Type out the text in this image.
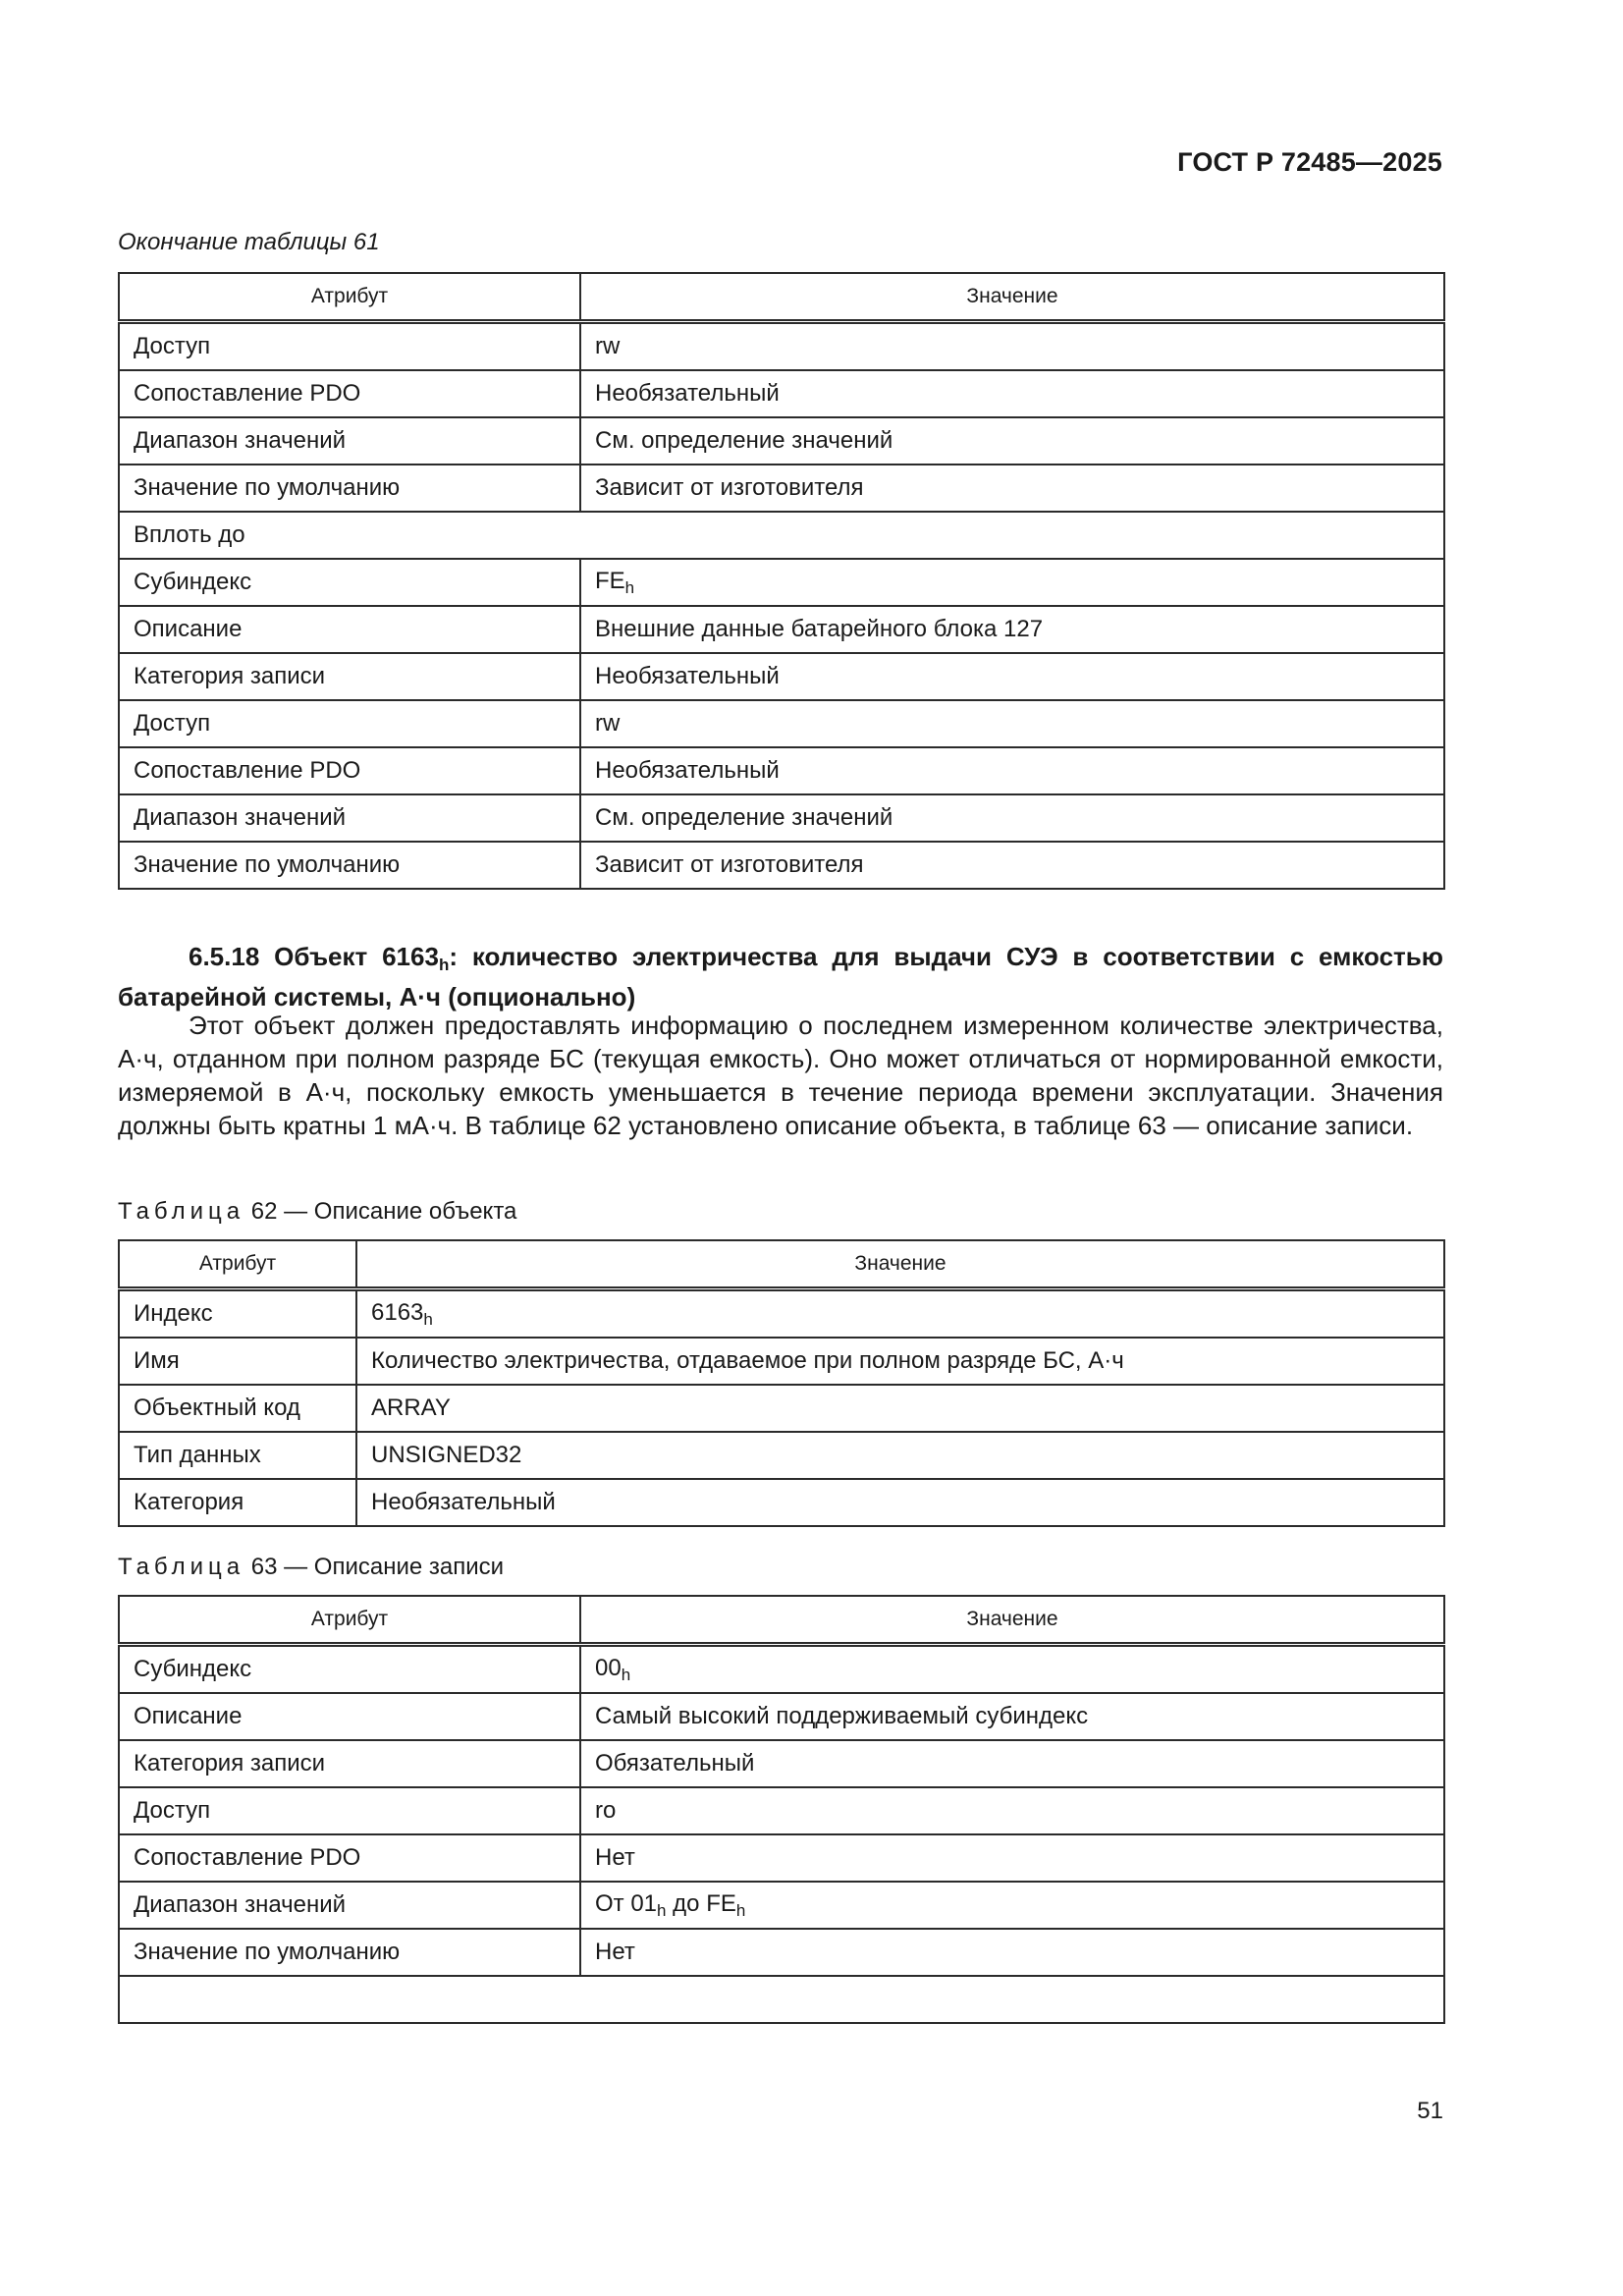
ГОСТ Р 72485—2025
Окончание таблицы 61
Атрибут	Значение
Доступ	rw
Сопоставление PDO	Необязательный
Диапазон значений	См. определение значений
Значение по умолчанию	Зависит от изготовителя
Вплоть до	
Субиндекс	$FE_h$
Описание	Внешние данные батарейного блока 127
Категория записи	Необязательный
Доступ	rw
Сопоставление PDO	Необязательный
Диапазон значений	См. определение значений
Значение по умолчанию	Зависит от изготовителя
6.5.18 Объект $6163_h$: количество электричества для выдачи СУЭ в соответствии с емкостью батарейной системы, А·ч (опционально)
Этот объект должен предоставлять информацию о последнем измеренном количестве электричества, А·ч, отданном при полном разряде БС (текущая емкость). Оно может отличаться от нормированной емкости, измеряемой в А·ч, поскольку емкость уменьшается в течение периода времени эксплуатации. Значения должны быть кратны 1 мА·ч. В таблице 62 установлено описание объекта, в таблице 63 — описание записи.
Таблица 62 — Описание объекта
Атрибут	Значение
Индекс	$6163_h$
Имя	Количество электричества, отдаваемое при полном разряде БС, А·ч
Объектный код	ARRAY
Тип данных	UNSIGNED32
Категория	Необязательный
Таблица 63 — Описание записи
Атрибут	Значение
Субиндекс	$00_h$
Описание	Самый высокий поддерживаемый субиндекс
Категория записи	Обязательный
Доступ	ro
Сопоставление PDO	Нет
Диапазон значений	От $01_h$ до $FE_h$
Значение по умолчанию	Нет

51
